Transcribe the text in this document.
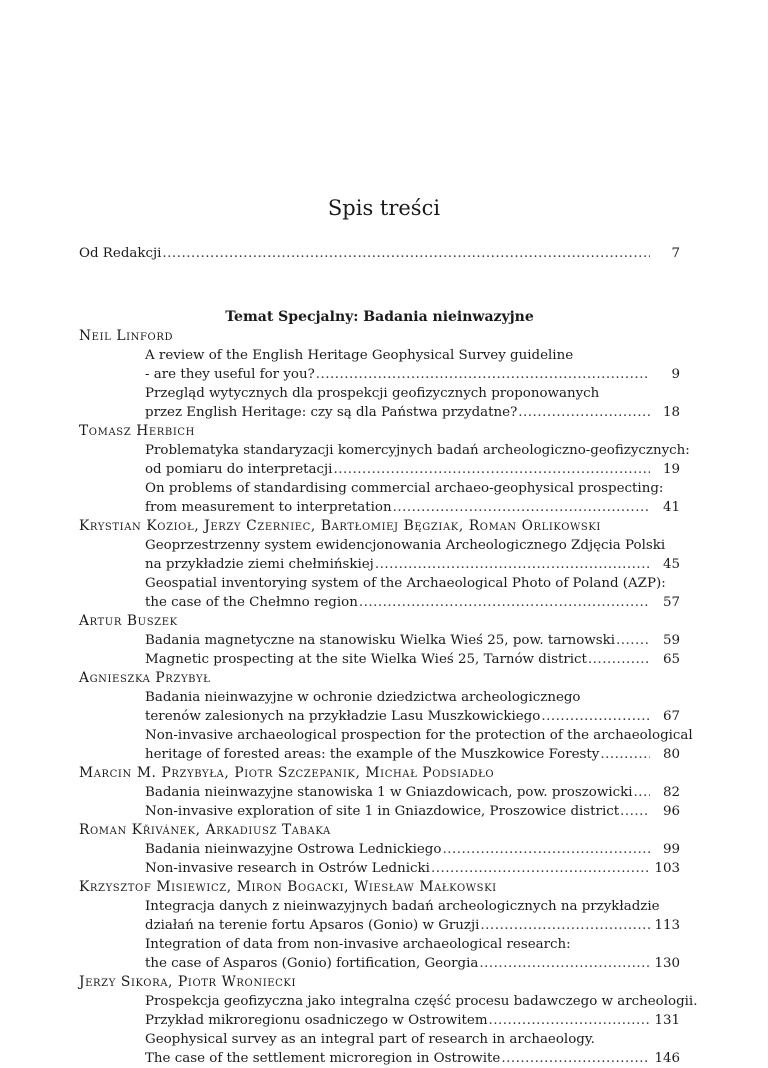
Spis treści
Od Redakcji .....	7
Temat Specjalny: Badania nieinwazyjne
Neil Linford
A review of the English Heritage Geophysical Survey guideline
- are they useful for you? .....	9
Przegląd wytycznych dla prospekcji geofizycznych proponowanych
przez English Heritage: czy są dla Państwa przydatne? .....	18
Tomasz Herbich
Problematyka standaryzacji komercyjnych badań archeologiczno-geofizycznych:
od pomiaru do interpretacji .....	19
On problems of standardising commercial archaeo-geophysical prospecting:
from measurement to interpretation .....	41
Krystian Kozioł, Jerzy Czerniec, Bartłomiej Bęgziak, Roman Orlikowski
Geoprzestrzenny system ewidencjonowania Archeologicznego Zdjęcia Polski
na przykładzie ziemi chełmińskiej .....	45
Geospatial inventorying system of the Archaeological Photo of Poland (AZP):
the case of the Chełmno region .....	57
Artur Buszek
Badania magnetyczne na stanowisku Wielka Wieś 25, pow. tarnowski .....	59
Magnetic prospecting at the site Wielka Wieś 25, Tarnów district .....	65
Agnieszka Przybył
Badania nieinwazyjne w ochronie dziedzictwa archeologicznego
terenów zalesionych na przykładzie Lasu Muszkowickiego .....	67
Non-invasive archaeological prospection for the protection of the archaeological
heritage of forested areas: the example of the Muszkowice Foresty .....	80
Marcin M. Przybyła, Piotr Szczepanik, Michał Podsiadło
Badania nieinwazyjne stanowiska 1 w Gniazdowicach, pow. proszowicki .....	82
Non-invasive exploration of site 1 in Gniazdowice, Proszowice district .....	96
Roman Křivánek, Arkadiusz Tabaka
Badania nieinwazyjne Ostrowa Lednickiego .....	99
Non-invasive research in Ostrów Lednicki .....	103
Krzysztof Misiewicz, Miron Bogacki, Wiesław Małkowski
Integracja danych z nieinwazyjnych badań archeologicznych na przykładzie
działań na terenie fortu Apsaros (Gonio) w Gruzji .....	113
Integration of data from non-invasive archaeological research:
the case of Asparos (Gonio) fortification, Georgia .....	130
Jerzy Sikora, Piotr Wroniecki
Prospekcja geofizyczna jako integralna część procesu badawczego w archeologii.
Przykład mikroregionu osadniczego w Ostrowitem .....	131
Geophysical survey as an integral part of research in archaeology.
The case of the settlement microregion in Ostrowite .....	146
